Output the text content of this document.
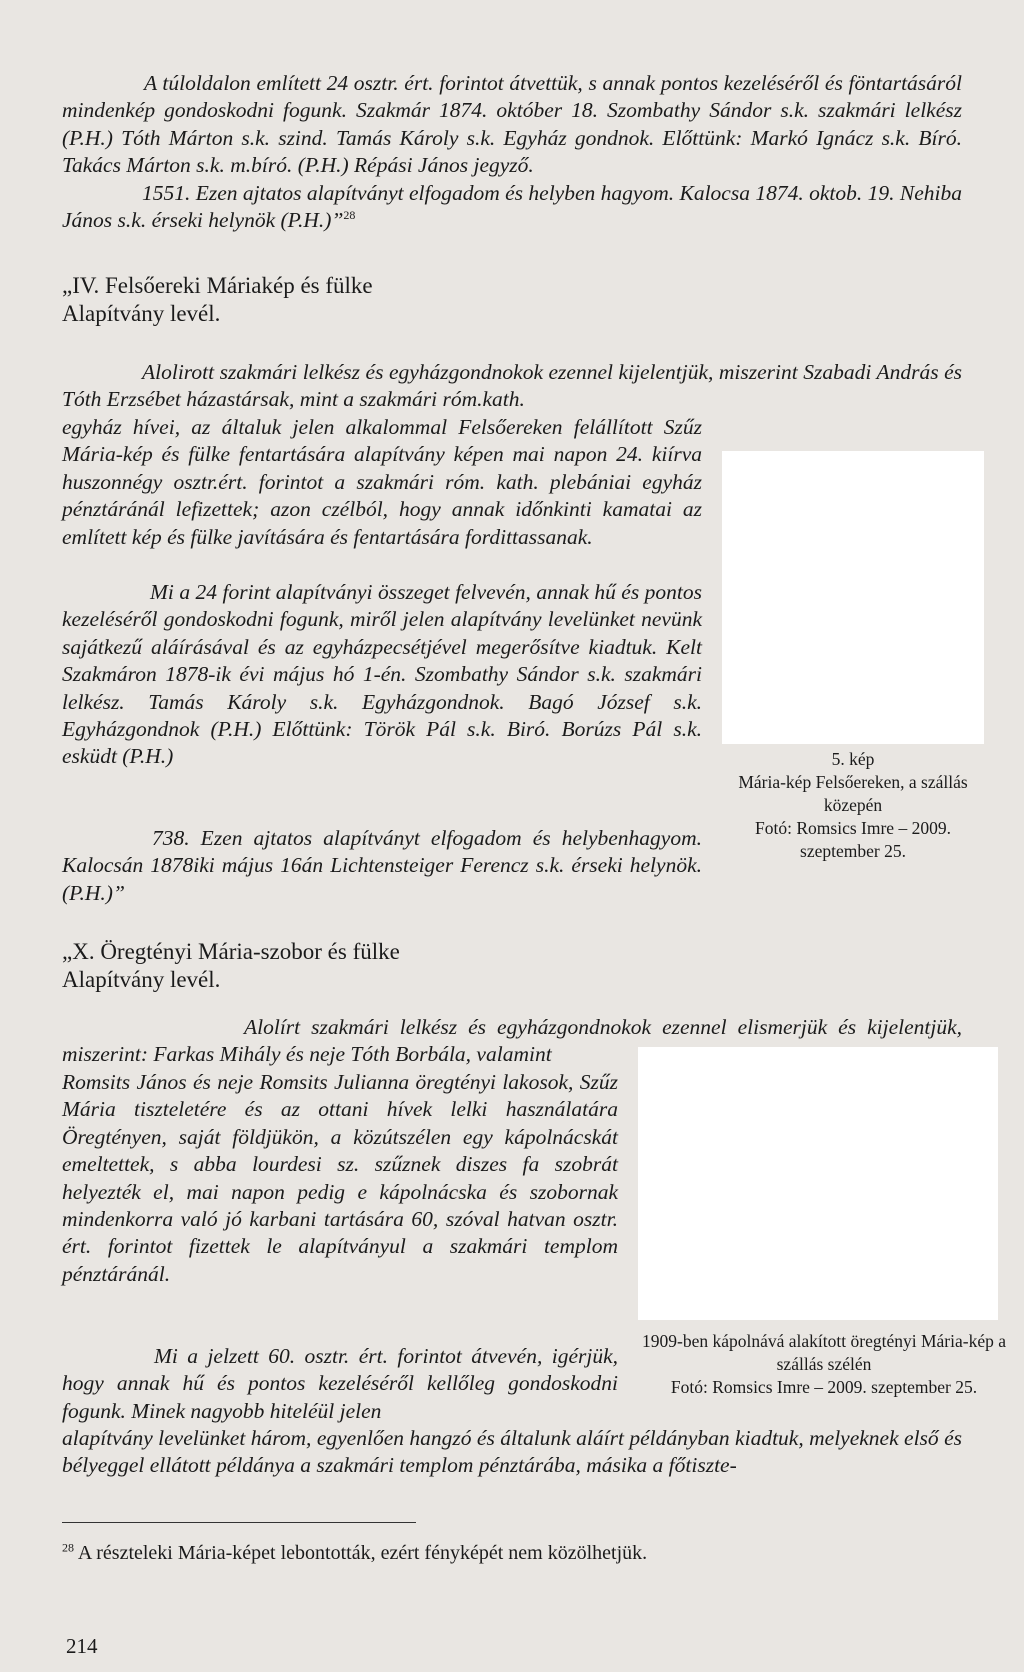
A túloldalon említett 24 osztr. ért. forintot átvettük, s annak pontos kezeléséről és föntartásáról mindenkép gondoskodni fogunk. Szakmár 1874. október 18. Szombathy Sándor s.k. szakmári lelkész (P.H.) Tóth Márton s.k. szind. Tamás Károly s.k. Egyház gondnok. Előttünk: Markó Ignácz s.k. Bíró. Takács Márton s.k. m.bíró. (P.H.) Répási János jegyző.

1551. Ezen ajtatos alapítványt elfogadom és helyben hagyom. Kalocsa 1874. oktob. 19. Nehiba János s.k. érseki helynök (P.H.)”$^{28}$

„IV. Felsőereki Máriakép és fülke
Alapítvány levél.

Alolirott szakmári lelkész és egyházgondnokok ezennel kijelentjük, miszerint Szabadi András és Tóth Erzsébet házastársak, mint a szakmári róm.kath.

egyház hívei, az általuk jelen alkalommal Felsőereken felállított Szűz Mária-kép és fülke fentartására alapítvány képen mai napon 24. kiírva huszonnégy osztr.ért. forintot a szakmári róm. kath. plebániai egyház pénztáránál lefizettek; azon czélból, hogy annak időnkinti kamatai az említett kép és fülke javítására és fentartására fordittassanak.

Mi a 24 forint alapítványi összeget felvevén, annak hű és pontos kezeléséről gondoskodni fogunk, miről jelen alapítvány levelünket nevünk sajátkezű aláírásával és az egyházpecsétjével megerősítve kiadtuk. Kelt Szakmáron 1878-ik évi május hó 1-én. Szombathy Sándor s.k. szakmári lelkész. Tamás Károly s.k. Egyházgondnok. Bagó József s.k. Egyházgondnok (P.H.) Előttünk: Török Pál s.k. Biró. Borúzs Pál s.k. esküdt (P.H.)	5. kép
Mária-kép Felsőereken, a szállás közepén
Fotó: Romsics Imre – 2009. szeptember 25.

738. Ezen ajtatos alapítványt elfogadom és helybenhagyom. Kalocsán 1878iki május 16án Lichtensteiger Ferencz s.k. érseki helynök. (P.H.)”

„X. Öregtényi Mária-szobor és fülke
Alapítvány levél.

Alolírt szakmári lelkész és egyházgondnokok ezennel elismerjük és kijelentjük, miszerint: Farkas Mihály és neje Tóth Borbála, valamint

Romsits János és neje Romsits Julianna öregtényi lakosok, Szűz Mária tiszteletére és az ottani hívek lelki használatára Öregtényen, saját földjükön, a közútszélen egy kápolnácskát emeltettek, s abba lourdesi sz. szűznek diszes fa szobrát helyezték el, mai napon pedig e kápolnácska és szobornak mindenkorra való jó karbani tartására 60, szóval hatvan osztr. ért. forintot fizettek le alapítványul a szakmári templom pénztáránál.

Mi a jelzett 60. osztr. ért. forintot átvevén, igérjük, hogy annak hű és pontos kezeléséről kellőleg gondoskodni fogunk. Minek nagyobb hiteléül jelen

1909-ben kápolnává alakított öregtényi Mária-kép a szállás szélén
Fotó: Romsics Imre – 2009. szeptember 25.

alapítvány levelünket három, egyenlően hangzó és általunk aláírt példányban kiadtuk, melyeknek első és bélyeggel ellátott példánya a szakmári templom pénztárába, másika a főtiszte-

$^{28}$ A részteleki Mária-képet lebontották, ezért fényképét nem közölhetjük.

214
